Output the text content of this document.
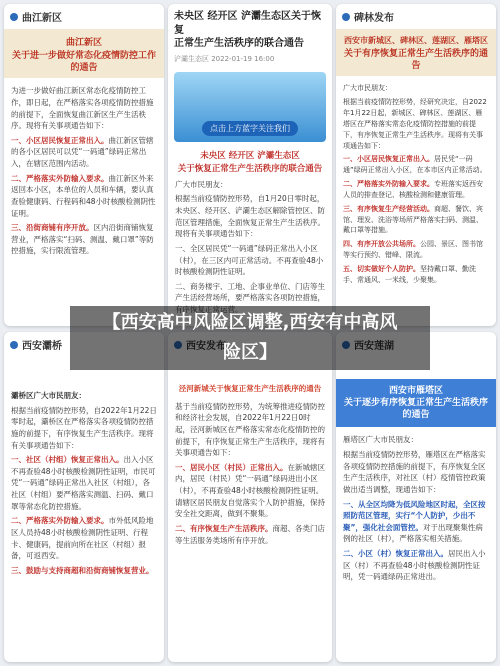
曲江新区
曲江新区
关于进一步做好常态化疫情防控工作的通告
为进一步做好曲江新区常态化疫情防控工作，即日起，在严格落实各项疫情防控措施的前提下，全面恢复曲江新区生产生活秩序。现将有关事项通告如下：
一、小区居民恢复正常出入。曲江新区管辖的各小区居民可以凭“一码通”绿码正常出入，在辖区范围内活动。
二、严格落实外防输入要求。曲江新区外来返回本小区，本单位的人员和车辆，要认真查验健康码、行程码和48小时核酸检测阴性证明。
三、沿街商铺有序开放。区内沿街商铺恢复营业，严格落实“扫码、测温、戴口罩”等防控措施，实行限流管理。
未央区 经开区 浐灞生态区关于恢复
正常生产生活秩序的联合通告
浐灞生态区 2022-01-19 16:00
点击上方蓝字关注我们
未央区 经开区 浐灞生态区
关于恢复正常生产生活秩序的联合通告
广大市民朋友：
根据当前疫情防控形势，自1月20日零时起，未央区、经开区、浐灞生态区解除管控区、防范区管理措施，全面恢复正常生产生活秩序。现将有关事项通告如下：
一、全区居民凭“一码通”绿码正常出入小区（村），在三区内可正常活动。不再查验48小时核酸检测阴性证明。
二、商务楼宇、工地、企事业单位、门店等生产生活经营场所，要严格落实各项防控措施，
碑林发布
西安市新城区、碑林区、莲湖区、雁塔区
关于有序恢复正常生产生活秩序的通告
广大市民朋友：
根据当前疫情防控形势，经研究决定，自2022年1月22日起，新城区、碑林区、莲湖区、雁塔区在严格落实常态化疫情防控措施的前提下，有序恢复正常生产生活秩序。现将有关事项通告如下：
一、小区居民恢复正常出入。居民凭“一码通”绿码正常出入小区，在本市区内正常活动。
二、严格落实外防输入要求。专班落实返西安人员的排查登记、核酸检测和健康管理。
三、有序恢复生产经营活动。商超、餐饮、宾馆、理发、洗浴等场所严格落实扫码、测温、戴口罩等措施。
四、有序开放公共场所。公园、景区、图书馆等实行预约、错峰、限流。
五、切实做好个人防护。坚持戴口罩、勤洗手、常通风、一米线，少聚集。
西安灞桥
灞桥区广大市民朋友：
根据当前疫情防控形势，自2022年1月22日零时起，灞桥区在严格落实各项疫情防控措施的前提下，有序恢复生产生活秩序。现将有关事项通告如下：
一、社区（村组）恢复正常出入。出入小区不再查验48小时核酸检测阴性证明，市民可凭“一码通”绿码正常出入社区（村组），各社区（村组）要严格落实测温、扫码、戴口罩等常态化防控措施。
二、严格落实外防输入要求。市外低风险地区人员持48小时核酸检测阴性证明、行程卡、健康码，提前向所在社区（村组）报备，可返西安。
三、鼓励与支持商超和沿街商铺恢复营业。
泾河新城关于恢复正常生产生活秩序的通告
基于当前疫情防控形势，为统筹推进疫情防控和经济社会发展，自2022年1月22日0时起，泾河新城区在严格落实常态化疫情防控的前提下，有序恢复正常生产生活秩序，现将有关事项通告如下：
一、居民小区（村民）正常出入。在新城辖区内，居民（村民）凭“一码通”绿码进出小区（村），不再查验48小时核酸检测阴性证明。请辖区居民朋友自觉落实个人防护措施，保持安全社交距离，做到不聚集。
二、有序恢复生产生活秩序。商超、各类门店等生活服务类场所有序开放。
西安市雁塔区
关于逐步有序恢复正常生产生活秩序的通告
雁塔区广大市民朋友：
根据当前疫情防控形势，雁塔区在严格落实各项疫情防控措施的前提下，有序恢复全区生产生活秩序，对社区（村）疫情管控政策做出适当调整，现通告如下：
一、从全区均降为低风险地区时起，全区按照防范区管理，实行“个人防护，少出不聚”，强化社会面管控。对于出现聚集性病例的社区（村），严格落实相关措施。
二、小区（村）恢复正常出入。居民出入小区（村）不再查验48小时核酸检测阴性证明，凭一码通绿码正常进出。
【西安高中风险区调整,西安有中高风
险区】
